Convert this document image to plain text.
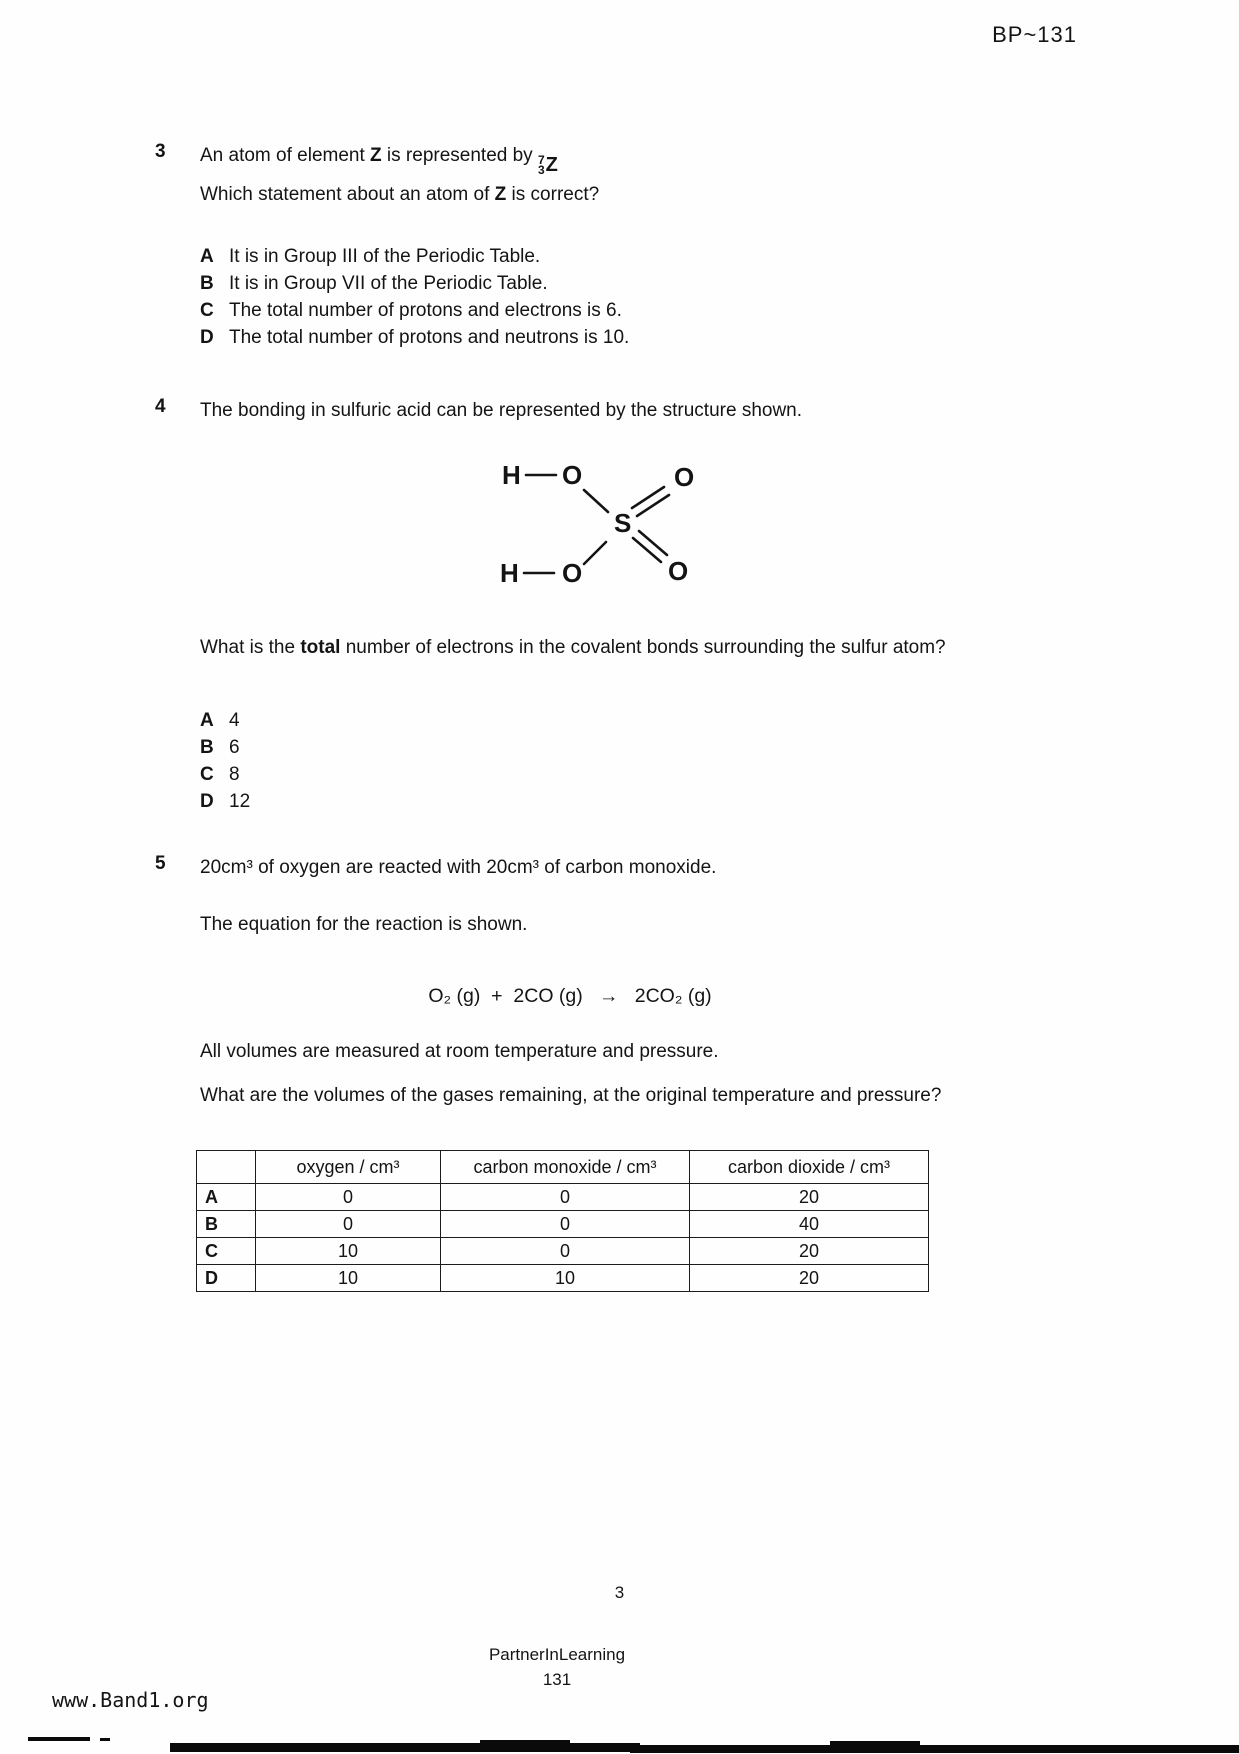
BP~131
3 An atom of element Z is represented by 7
3 Z
Which statement about an atom of Z is correct?
A It is in Group III of the Periodic Table.
B It is in Group VII of the Periodic Table.
C The total number of protons and electrons is 6.
D The total number of protons and neutrons is 10.
4 The bonding in sulfuric acid can be represented by the structure shown.
H O	O
S
H O	O
What is the total number of electrons in the covalent bonds surrounding the sulfur atom?
A 4
B 6
C 8
D 12
5 20cm³ of oxygen are reacted with 20cm³ of carbon monoxide.
The equation for the reaction is shown.
O₂ (g)  +  2CO (g)   →   2CO₂ (g)
All volumes are measured at room temperature and pressure.
What are the volumes of the gases remaining, at the original temperature and pressure?
	oxygen / cm³	carbon monoxide / cm³	carbon dioxide / cm³
A	0	0	20
B	0	0	40
C	10	0	20
D	10	10	20
3
PartnerInLearning
131
www.Band1.org
